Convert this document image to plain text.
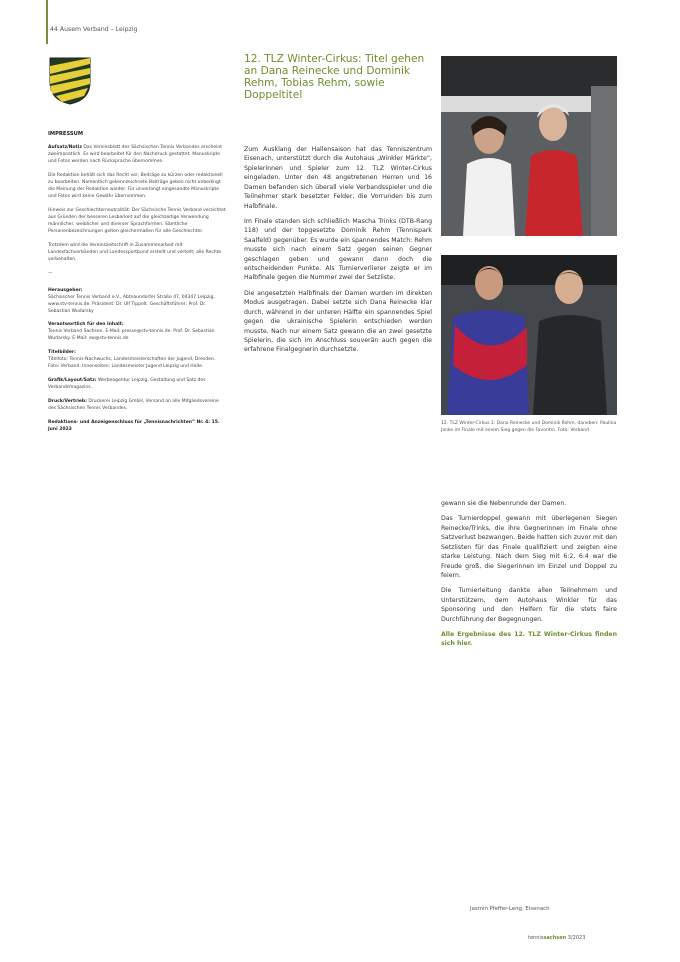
44 Ausem Verband – Leipzig

IMPRESSUM

Aufsatz/Notiz Das Vereinsblatt des Sächsischen Tennis Verbandes erscheint zweimonatlich. Es wird bearbeitet für den Nachdruck gestattet. Manuskripte und Fotos werden nach Rücksprache übernommen.

Die Redaktion behält sich das Recht vor, Beiträge zu kürzen oder redaktionell zu bearbeiten. Namentlich gekennzeichnete Beiträge geben nicht unbedingt die Meinung der Redaktion wieder. Für unverlangt eingesandte Manuskripte und Fotos wird keine Gewähr übernommen.

Hinweis zur Geschlechterneutralität: Der Sächsische Tennis Verband verzichtet aus Gründen der besseren Lesbarkeit auf die gleichzeitige Verwendung männlicher, weiblicher und diverser Sprachformen. Sämtliche Personenbezeichnungen gelten gleichermaßen für alle Geschlechter.

Trotzdem wird die Vereinszeitschrift in Zusammenarbeit mit Landesfachverbänden und Landessportbund erstellt und verteilt; alle Rechte vorbehalten.

—

Herausgeber:
Sächsischer Tennis Verband e.V., Abtnaundorfer Straße 47, 04347 Leipzig, www.stv-tennis.de. Präsident: Dr. Ulf Tippelt. Geschäftsführer: Prof. Dr. Sebastian Wudarsky

Verantwortlich für den Inhalt:
Tennis Verband Sachsen. E-Mail: presse@stv-tennis.de. Prof. Dr. Sebastian Wudarsky. E-Mail: sw@stv-tennis.de

Titelbilder:
Titelfoto: Tennis-Nachwuchs, Landesmeisterschaften der Jugend, Dresden. Foto: Verband. Innenseiten: Landesmeister Jugend Leipzig und Halle.

Grafik/Layout/Satz: Werbeagentur Leipzig, Gestaltung und Satz des Verbandsmagazins.

Druck/Vertrieb: Druckerei Leipzig GmbH, Versand an alle Mitgliedsvereine des Sächsischen Tennis Verbandes.

Redaktions- und Anzeigenschluss für „Tennisnachrichten“ Nr. 4: 15. Juni 2023

12. TLZ Winter-Cirkus: Titel gehen an Dana Reinecke und Dominik Rehm, Tobias Rehm, sowie Doppeltitel

Zum Ausklang der Hallensaison hat das Tenniszentrum Eisenach, unterstützt durch die Autohaus „Winkler Märkte“, Spielerinnen und Spieler zum 12. TLZ Winter-Cirkus eingeladen. Unter den 48 angetretenen Herren und 16 Damen befanden sich überall viele Verbandsspieler und die Teilnehmer stark besetzter Felder, die Vorrunden bis zum Halbfinale.

Im Finale standen sich schließlich Mascha Trinks (DTB-Rang 118) und der topgesetzte Dominik Rehm (Tennispark Saalfeld) gegenüber. Es wurde ein spannendes Match: Rehm musste sich nach einem Satz gegen seinen Gegner geschlagen geben und gewann dann doch die entscheidenden Punkte. Als Turnierverlierer zeigte er im Halbfinale gegen die Nummer zwei der Setzliste.

Die angesetzten Halbfinals der Damen wurden im direkten Modus ausgetragen. Dabei setzte sich Dana Reinecke klar durch, während in der unteren Hälfte ein spannendes Spiel gegen die ukrainische Spielerin entschieden werden musste. Nach nur einem Satz gewann die an zwei gesetzte Spielerin, die sich im Anschluss souverän auch gegen die erfahrene Finalgegnerin durchsetzte.

12. TLZ Winter-Cirkus 1: Dana Reinecke und Dominik Rehm, daneben: Paulina Janke im Finale mit einem Sieg gegen die Favoritin. Foto: Verband

gewann sie die Nebenrunde der Damen.

Das Turnierdoppel gewann mit überlegenen Siegen Reinecke/Trinks, die ihre Gegnerinnen im Finale ohne Satzverlust bezwangen. Beide hatten sich zuvor mit den Setzlisten für das Finale qualifiziert und zeigten eine starke Leistung. Nach dem Sieg mit 6:2, 6:4 war die Freude groß, die Siegerinnen im Einzel und Doppel zu feiern.

Die Turnierleitung dankte allen Teilnehmern und Unterstützern, dem Autohaus Winkler für das Sponsoring und den Helfern für die stets faire Durchführung der Begegnungen.

Alle Ergebnisse des 12. TLZ Winter-Cirkus finden sich hier.

Jasmin Pfeffer-Leng, Eisenach
tennissachsen 3/2023
